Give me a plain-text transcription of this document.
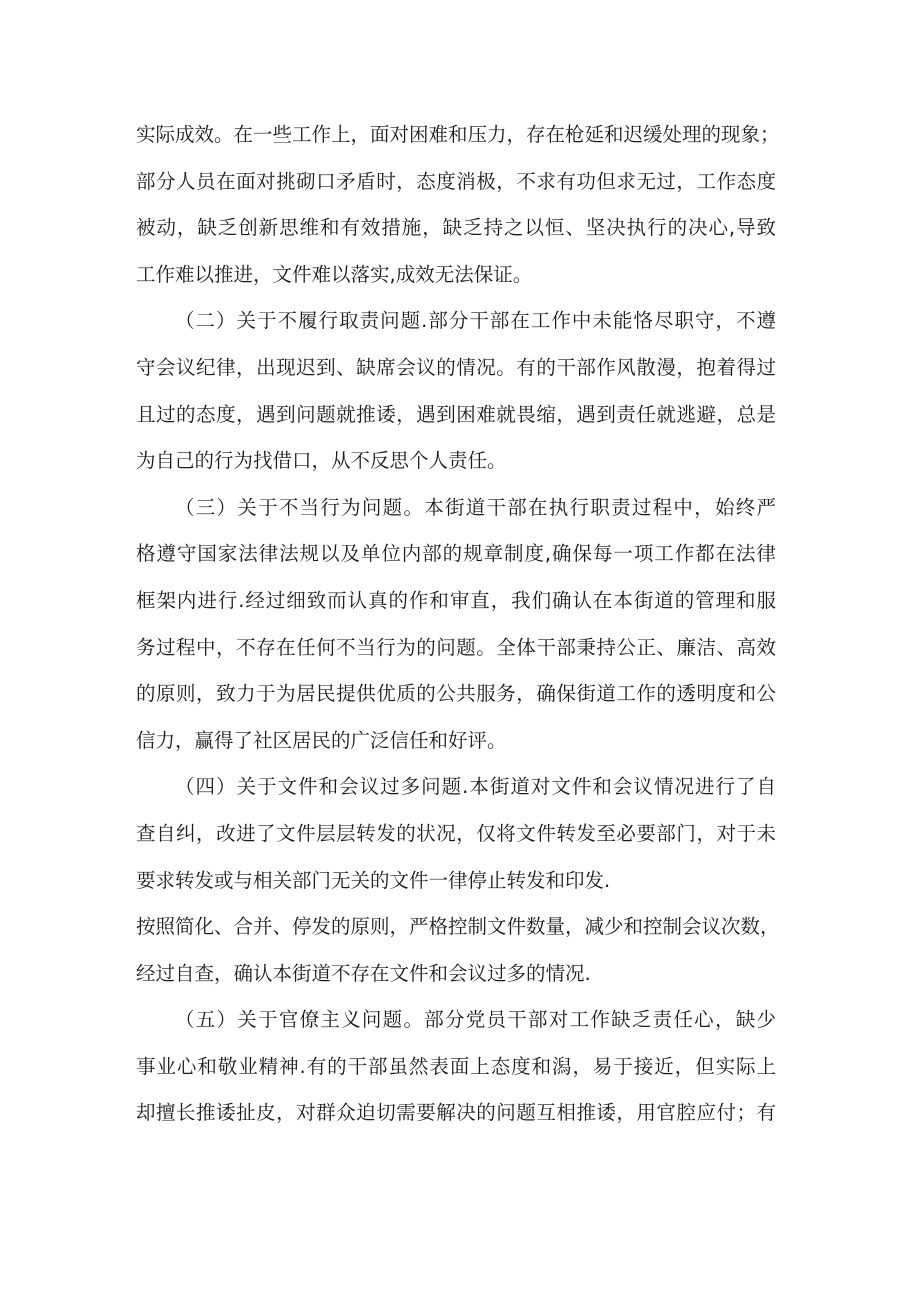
实际成效。在一些工作上，面对困难和压力，存在枪延和迟缓处理的现象；
部分人员在面对挑砌口矛盾时，态度消极，不求有功但求无过，工作态度
被动，缺乏创新思维和有效措施，缺乏持之以恒、坚决执行的决心,导致
工作难以推进，文件难以落实,成效无法保证。
（二）关于不履行取责问题.部分干部在工作中未能恪尽职守，不遵
守会议纪律，出现迟到、缺席会议的情况。有的干部作风散漫，抱着得过
且过的态度，遇到问题就推诿，遇到困难就畏缩，遇到责任就逃避，总是
为自己的行为找借口，从不反思个人责任。
（三）关于不当行为问题。本街道干部在执行职责过程中，始终严
格遵守国家法律法规以及单位内部的规章制度,确保每一项工作都在法律
框架内进行.经过细致而认真的作和审直，我们确认在本街道的管理和服
务过程中，不存在任何不当行为的问题。全体干部秉持公正、廉洁、高效
的原则，致力于为居民提供优质的公共服务，确保街道工作的透明度和公
信力，赢得了社区居民的广泛信任和好评。
（四）关于文件和会议过多问题.本街道对文件和会议情况进行了自
查自纠，改进了文件层层转发的状况，仅将文件转发至必要部门，对于未
要求转发或与相关部门无关的文件一律停止转发和印发.
按照简化、合并、停发的原则，严格控制文件数量，减少和控制会议次数，
经过自查，确认本街道不存在文件和会议过多的情况.
（五）关于官僚主义问题。部分党员干部对工作缺乏责任心，缺少
事业心和敬业精神.有的干部虽然表面上态度和潟，易于接近，但实际上
却擅长推诿扯皮，对群众迫切需要解决的问题互相推诿，用官腔应付；有
